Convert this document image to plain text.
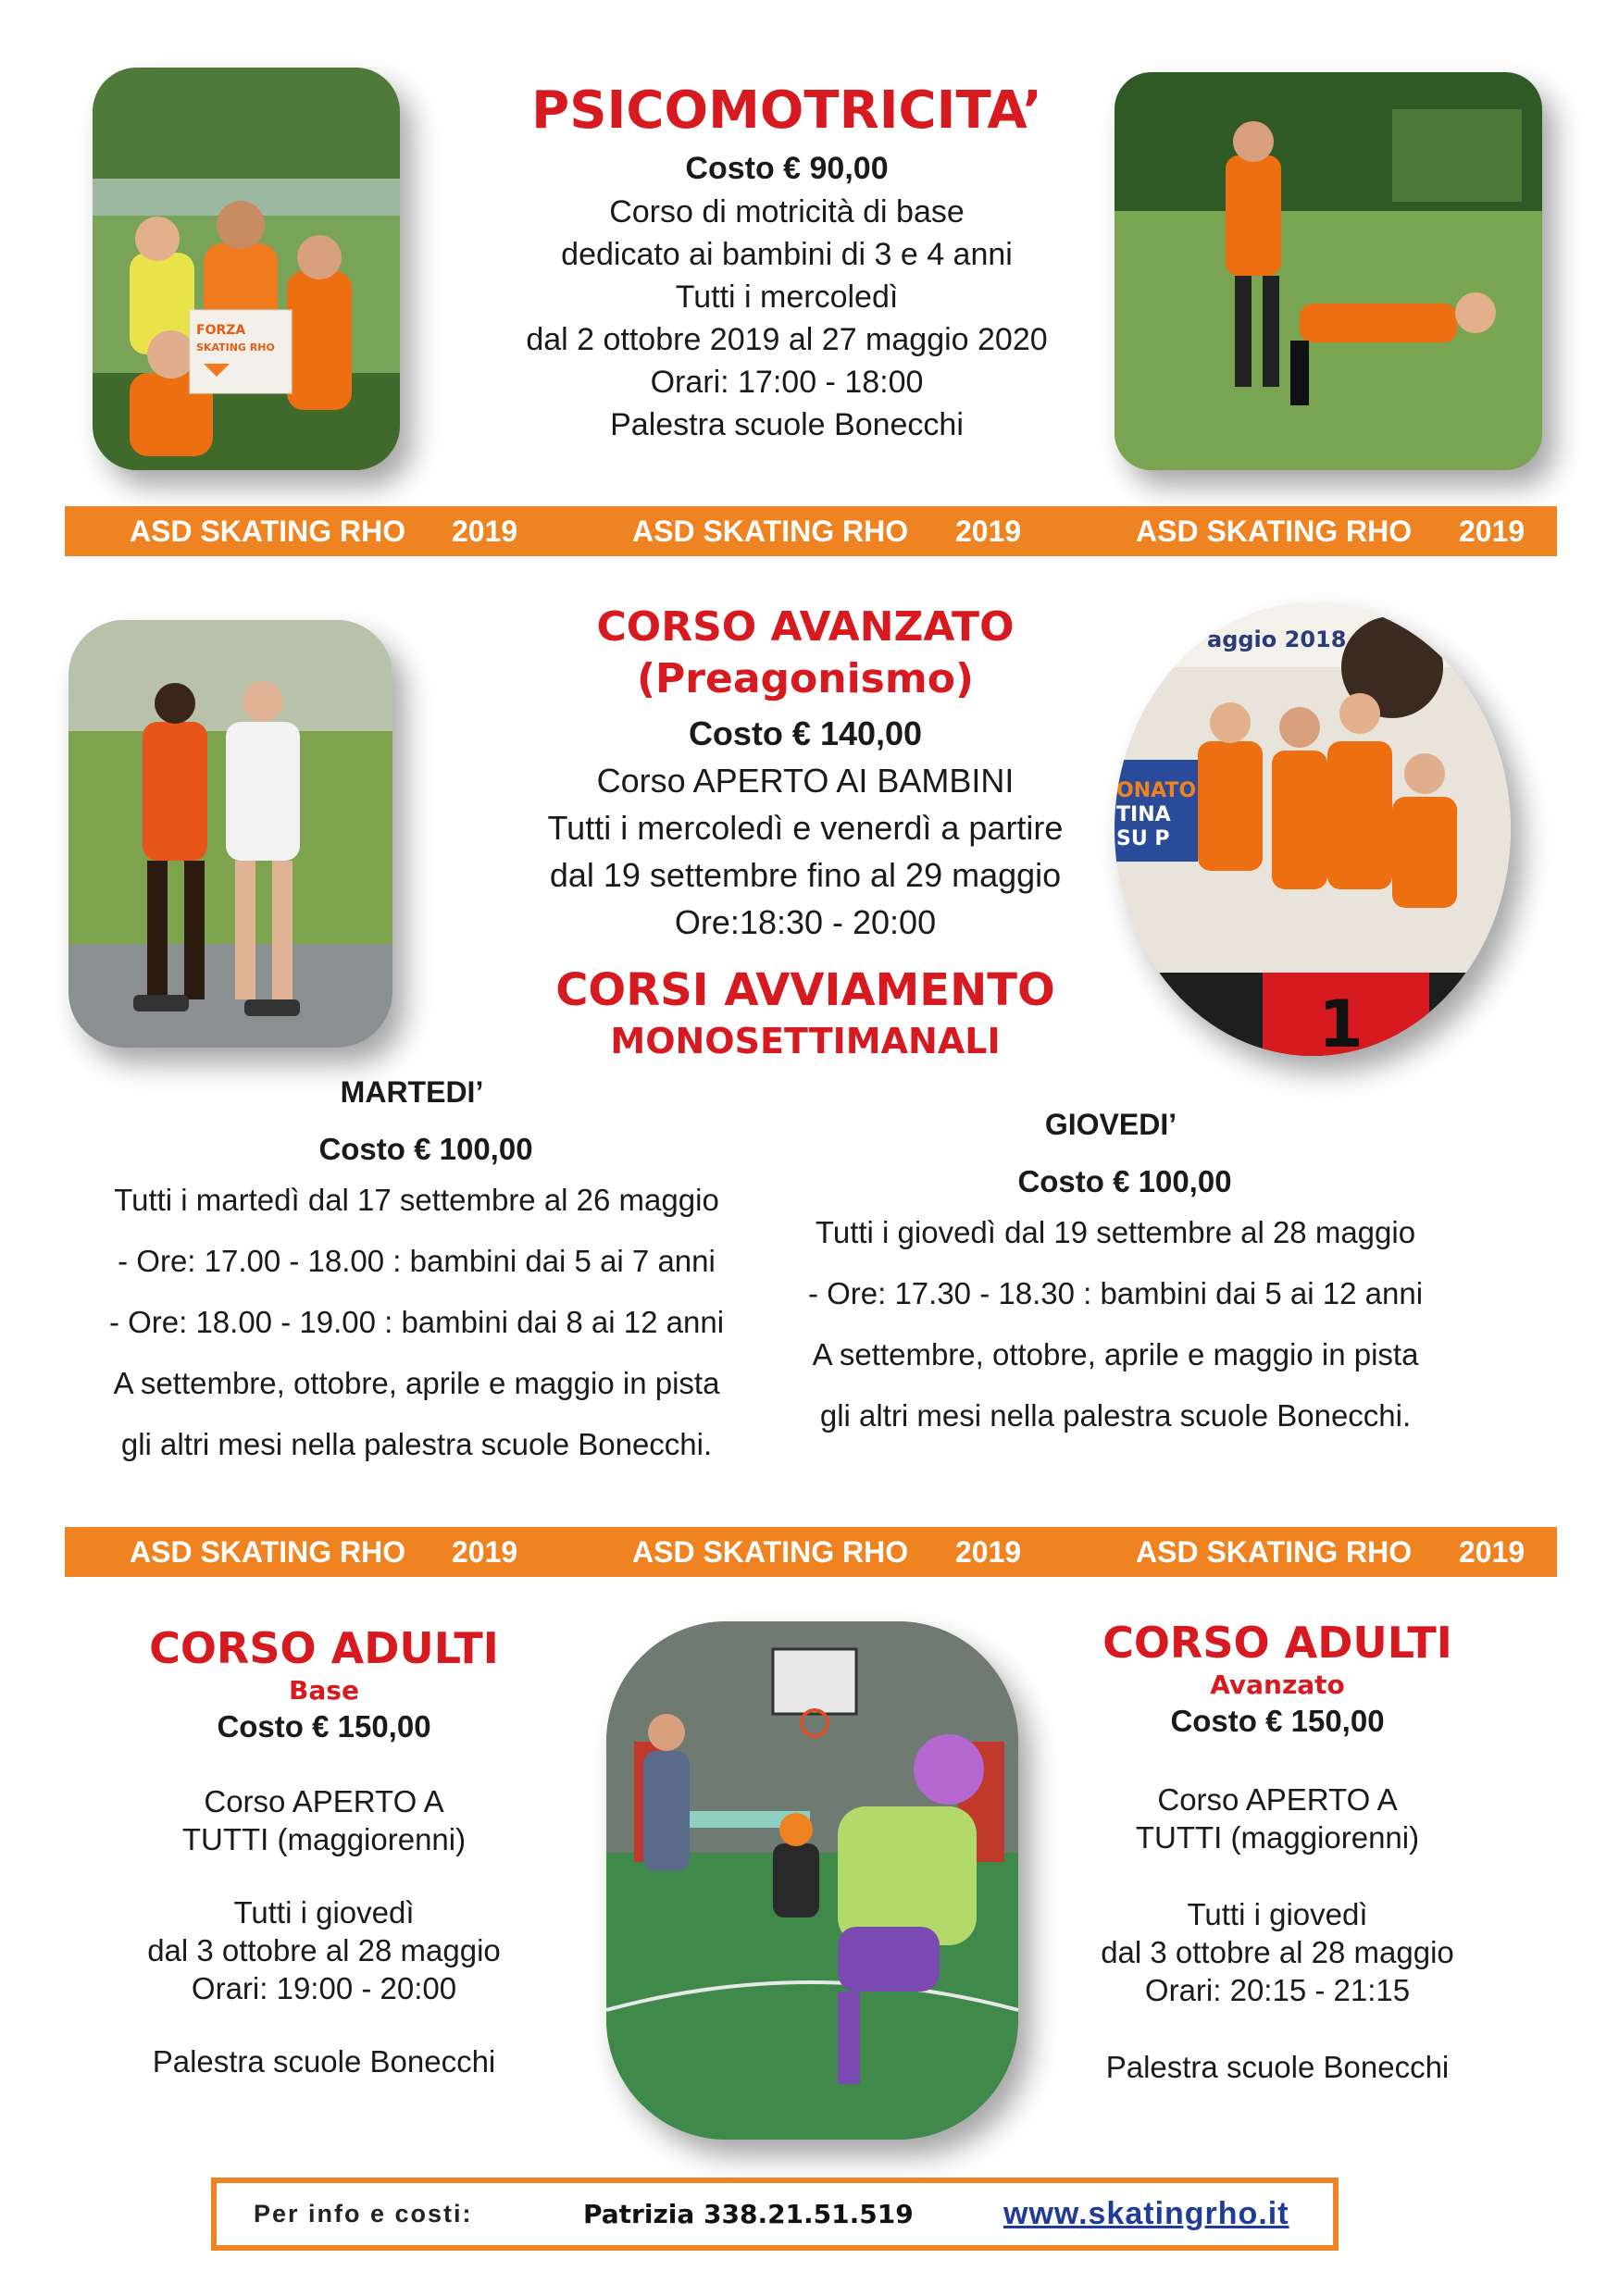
FORZA
SKATING RHO
PSICOMOTRICITA’
Costo € 90,00
Corso di motricità di base
dedicato ai bambini di 3 e 4 anni
Tutti i mercoledì
dal 2 ottobre 2019 al 27 maggio 2020
Orari: 17:00 - 18:00
Palestra scuole Bonecchi
ASD SKATING RHO 2019	ASD SKATING RHO 2019	ASD SKATING RHO 2019
aggio 2018
ONATO
TINA
SU P
1
CORSO AVANZATO (Preagonismo)
Costo € 140,00
Corso APERTO AI BAMBINI
Tutti i mercoledì e venerdì a partire
dal 19 settembre fino al 29 maggio
Ore:18:30 - 20:00
CORSI AVVIAMENTO
MONOSETTIMANALI
MARTEDI’
Costo € 100,00
Tutti i martedì dal 17 settembre al 26 maggio
- Ore: 17.00 - 18.00 : bambini dai 5 ai 7 anni
- Ore: 18.00 - 19.00 : bambini dai 8 ai 12 anni
A settembre, ottobre, aprile e maggio in pista
gli altri mesi nella palestra scuole Bonecchi.
GIOVEDI’
Costo € 100,00
Tutti i giovedì dal 19 settembre al 28 maggio
- Ore: 17.30 - 18.30 : bambini dai 5 ai 12 anni
A settembre, ottobre, aprile e maggio in pista
gli altri mesi nella palestra scuole Bonecchi.
ASD SKATING RHO 2019	ASD SKATING RHO 2019	ASD SKATING RHO 2019
CORSO ADULTI
Base
Costo € 150,00
Corso APERTO A
TUTTI (maggiorenni)
Tutti i giovedì
dal 3 ottobre al 28 maggio
Orari: 19:00 - 20:00
Palestra scuole Bonecchi
CORSO ADULTI
Avanzato
Costo € 150,00
Corso APERTO A
TUTTI (maggiorenni)
Tutti i giovedì
dal 3 ottobre al 28 maggio
Orari: 20:15 - 21:15
Palestra scuole Bonecchi
Per info e costi:	Patrizia 338.21.51.519	www.skatingrho.it
